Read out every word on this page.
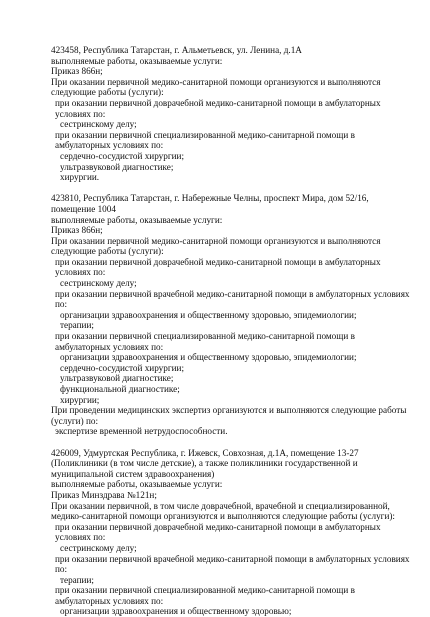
423458, Республика Татарстан, г. Альметьевск, ул. Ленина, д.1А

выполняемые работы, оказываемые услуги:

Приказ 866н;

При оказании первичной медико-санитарной помощи организуются и выполняются следующие работы (услуги):

при оказании первичной доврачебной медико-санитарной помощи в амбулаторных условиях по:

сестринскому делу;

при оказании первичной специализированной медико-санитарной помощи в амбулаторных условиях по:

сердечно-сосудистой хирургии;

ультразвуковой диагностике;

хирургии.

423810, Республика Татарстан, г. Набережные Челны, проспект Мира, дом 52/16, помещение 1004

выполняемые работы, оказываемые услуги:

Приказ 866н;

При оказании первичной медико-санитарной помощи организуются и выполняются следующие работы (услуги):

при оказании первичной доврачебной медико-санитарной помощи в амбулаторных условиях по:

сестринскому делу;

при оказании первичной врачебной медико-санитарной помощи в амбулаторных условиях по:

организации здравоохранения и общественному здоровью, эпидемиологии;

терапии;

при оказании первичной специализированной медико-санитарной помощи в амбулаторных условиях по:

организации здравоохранения и общественному здоровью, эпидемиологии;

сердечно-сосудистой хирургии;

ультразвуковой диагностике;

функциональной диагностике;

хирургии;

При проведении медицинских экспертиз организуются и выполняются следующие работы (услуги) по:

экспертизе временной нетрудоспособности.

426009, Удмуртская Республика, г. Ижевск, Совхозная, д.1А, помещение 13-27 (Поликлиники (в том числе детские), а также поликлиники государственной и муниципальной систем здравоохранения)

выполняемые работы, оказываемые услуги:

Приказ Минздрава №121н;

При оказании первичной, в том числе доврачебной, врачебной и специализированной, медико-санитарной помощи организуются и выполняются следующие работы (услуги):

при оказании первичной доврачебной медико-санитарной помощи в амбулаторных условиях по:

сестринскому делу;

при оказании первичной врачебной медико-санитарной помощи в амбулаторных условиях по:

терапии;

при оказании первичной специализированной медико-санитарной помощи в амбулаторных условиях по:

организации здравоохранения и общественному здоровью;
